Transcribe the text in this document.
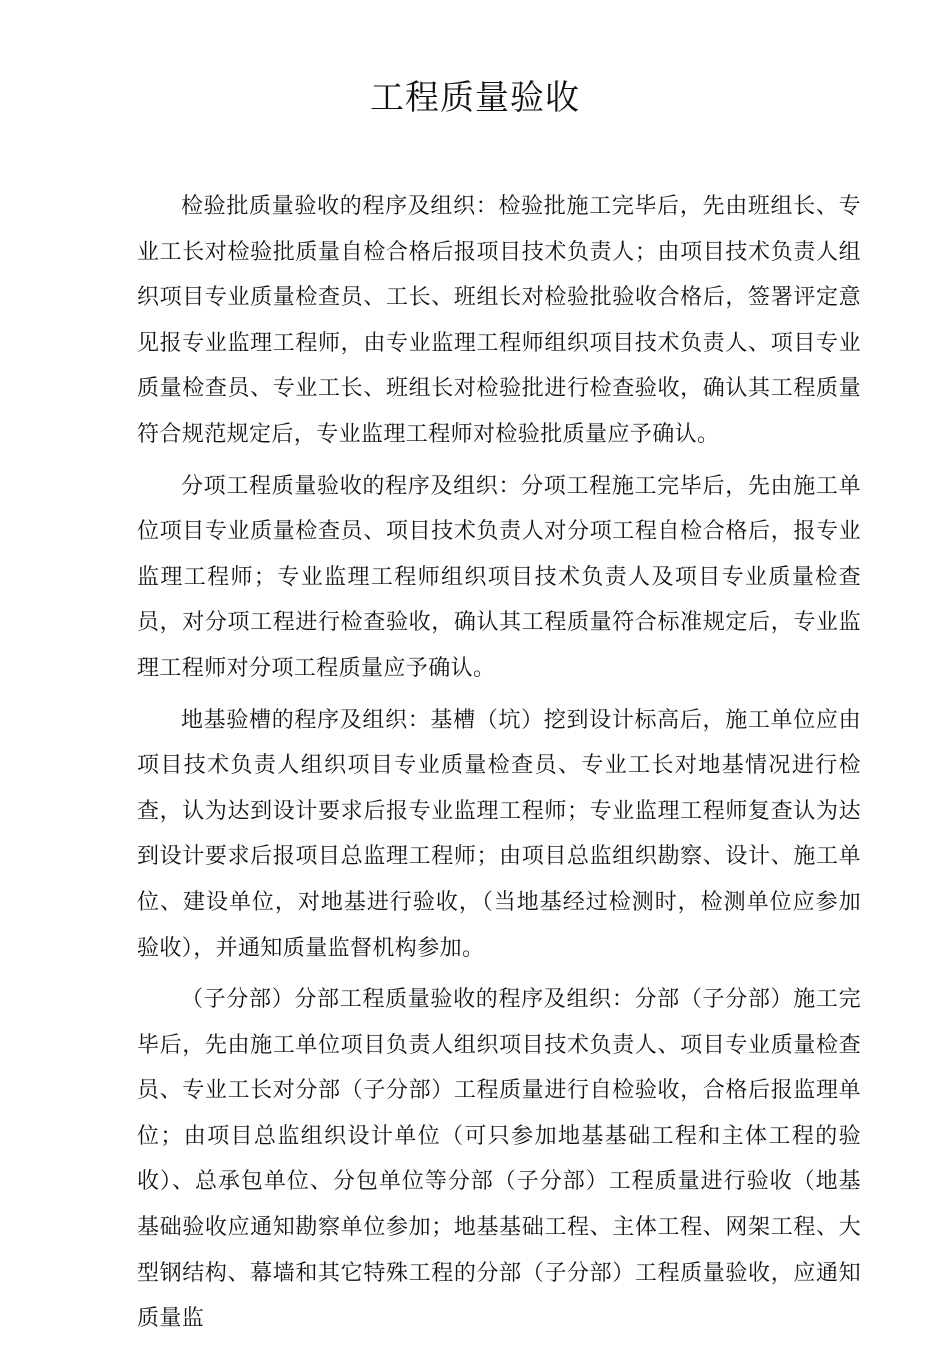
工程质量验收

检验批质量验收的程序及组织：检验批施工完毕后，先由班组长、专业工长对检验批质量自检合格后报项目技术负责人；由项目技术负责人组织项目专业质量检查员、工长、班组长对检验批验收合格后，签署评定意见报专业监理工程师，由专业监理工程师组织项目技术负责人、项目专业质量检查员、专业工长、班组长对检验批进行检查验收，确认其工程质量符合规范规定后，专业监理工程师对检验批质量应予确认。

分项工程质量验收的程序及组织：分项工程施工完毕后，先由施工单位项目专业质量检查员、项目技术负责人对分项工程自检合格后，报专业监理工程师；专业监理工程师组织项目技术负责人及项目专业质量检查员，对分项工程进行检查验收，确认其工程质量符合标准规定后，专业监理工程师对分项工程质量应予确认。

地基验槽的程序及组织：基槽（坑）挖到设计标高后，施工单位应由项目技术负责人组织项目专业质量检查员、专业工长对地基情况进行检查，认为达到设计要求后报专业监理工程师；专业监理工程师复查认为达到设计要求后报项目总监理工程师；由项目总监组织勘察、设计、施工单位、建设单位，对地基进行验收，（当地基经过检测时，检测单位应参加验收），并通知质量监督机构参加。

（子分部）分部工程质量验收的程序及组织：分部（子分部）施工完毕后，先由施工单位项目负责人组织项目技术负责人、项目专业质量检查员、专业工长对分部（子分部）工程质量进行自检验收，合格后报监理单位；由项目总监组织设计单位（可只参加地基基础工程和主体工程的验收）、总承包单位、分包单位等分部（子分部）工程质量进行验收（地基基础验收应通知勘察单位参加；地基基础工程、主体工程、网架工程、大型钢结构、幕墙和其它特殊工程的分部（子分部）工程质量验收，应通知质量监
